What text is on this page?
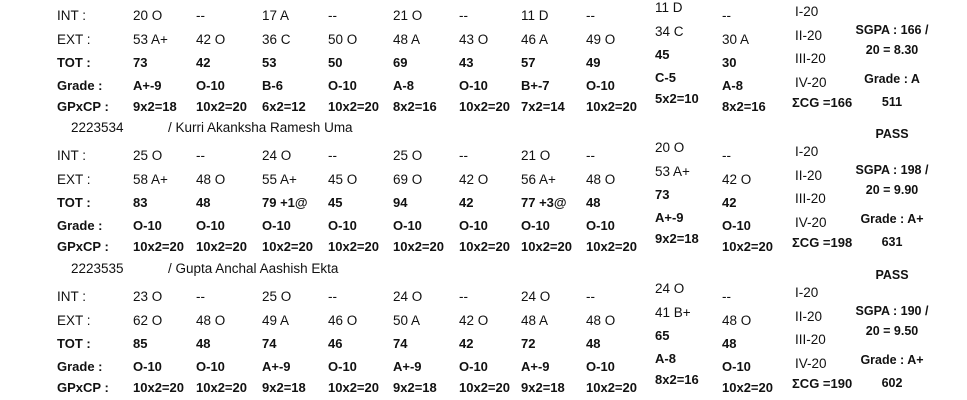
INT :
EXT :
TOT :
Grade :
GPxCP :
20 O
53 A+
73
A+-9
9x2=18
--
42 O
42
O-10
10x2=20
17 A
36 C
53
B-6
6x2=12
--
50 O
50
O-10
10x2=20
21 O
48 A
69
A-8
8x2=16
--
43 O
43
O-10
10x2=20
11 D
46 A
57
B+-7
7x2=14
--
49 O
49
O-10
10x2=20
11 D
34 C
45
C-5
5x2=10
--
30 A
30
A-8
8x2=16
I-20
II-20
III-20
IV-20
ΣCG =166
SGPA : 166 /
20 = 8.30
Grade : A
511
2223534	/ Kurri Akanksha Ramesh Uma
INT :
EXT :
TOT :
Grade :
GPxCP :
25 O
58 A+
83
O-10
10x2=20
--
48 O
48
O-10
10x2=20
24 O
55 A+
79 +1@
O-10
10x2=20
--
45 O
45
O-10
10x2=20
25 O
69 O
94
O-10
10x2=20
--
42 O
42
O-10
10x2=20
21 O
56 A+
77 +3@
O-10
10x2=20
--
48 O
48
O-10
10x2=20
20 O
53 A+
73
A+-9
9x2=18
--
42 O
42
O-10
10x2=20
I-20
II-20
III-20
IV-20
ΣCG =198
PASS
SGPA : 198 /
20 = 9.90
Grade : A+
631
2223535	/ Gupta Anchal Aashish Ekta
INT :
EXT :
TOT :
Grade :
GPxCP :
23 O
62 O
85
O-10
10x2=20
--
48 O
48
O-10
10x2=20
25 O
49 A
74
A+-9
9x2=18
--
46 O
46
O-10
10x2=20
24 O
50 A
74
A+-9
9x2=18
--
42 O
42
O-10
10x2=20
24 O
48 A
72
A+-9
9x2=18
--
48 O
48
O-10
10x2=20
24 O
41 B+
65
A-8
8x2=16
--
48 O
48
O-10
10x2=20
I-20
II-20
III-20
IV-20
ΣCG =190
PASS
SGPA : 190 /
20 = 9.50
Grade : A+
602
